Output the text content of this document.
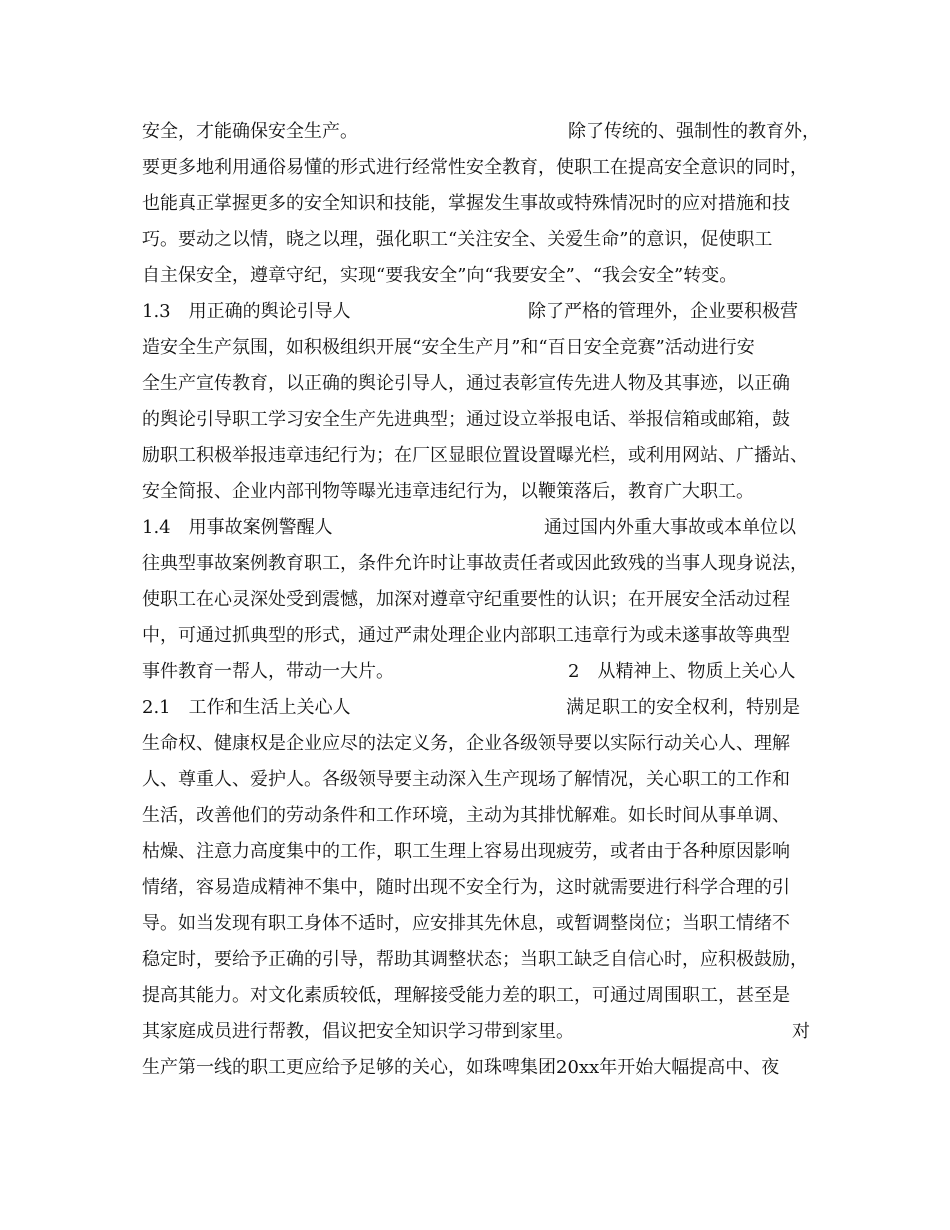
安全，才能确保安全生产。	除了传统的、强制性的教育外，
要更多地利用通俗易懂的形式进行经常性安全教育，使职工在提高安全意识的同时，
也能真正掌握更多的安全知识和技能，掌握发生事故或特殊情况时的应对措施和技
巧。要动之以情，晓之以理，强化职工“关注安全、关爱生命”的意识，促使职工
自主保安全，遵章守纪，实现“要我安全”向“我要安全”、“我会安全”转变。
1.3　用正确的舆论引导人	除了严格的管理外，企业要积极营
造安全生产氛围，如积极组织开展“安全生产月”和“百日安全竞赛”活动进行安
全生产宣传教育，以正确的舆论引导人，通过表彰宣传先进人物及其事迹，以正确
的舆论引导职工学习安全生产先进典型；通过设立举报电话、举报信箱或邮箱，鼓
励职工积极举报违章违纪行为；在厂区显眼位置设置曝光栏，或利用网站、广播站、
安全简报、企业内部刊物等曝光违章违纪行为，以鞭策落后，教育广大职工。
1.4　用事故案例警醒人	通过国内外重大事故或本单位以
往典型事故案例教育职工，条件允许时让事故责任者或因此致残的当事人现身说法，
使职工在心灵深处受到震憾，加深对遵章守纪重要性的认识；在开展安全活动过程
中，可通过抓典型的形式，通过严肃处理企业内部职工违章行为或未遂事故等典型
事件教育一帮人，带动一大片。	2　从精神上、物质上关心人
2.1　工作和生活上关心人	满足职工的安全权利，特别是
生命权、健康权是企业应尽的法定义务，企业各级领导要以实际行动关心人、理解
人、尊重人、爱护人。各级领导要主动深入生产现场了解情况，关心职工的工作和
生活，改善他们的劳动条件和工作环境，主动为其排忧解难。如长时间从事单调、
枯燥、注意力高度集中的工作，职工生理上容易出现疲劳，或者由于各种原因影响
情绪，容易造成精神不集中，随时出现不安全行为，这时就需要进行科学合理的引
导。如当发现有职工身体不适时，应安排其先休息，或暂调整岗位；当职工情绪不
稳定时，要给予正确的引导，帮助其调整状态；当职工缺乏自信心时，应积极鼓励，
提高其能力。对文化素质较低，理解接受能力差的职工，可通过周围职工，甚至是
其家庭成员进行帮教，倡议把安全知识学习带到家里。	对
生产第一线的职工更应给予足够的关心，如珠啤集团20xx年开始大幅提高中、夜
